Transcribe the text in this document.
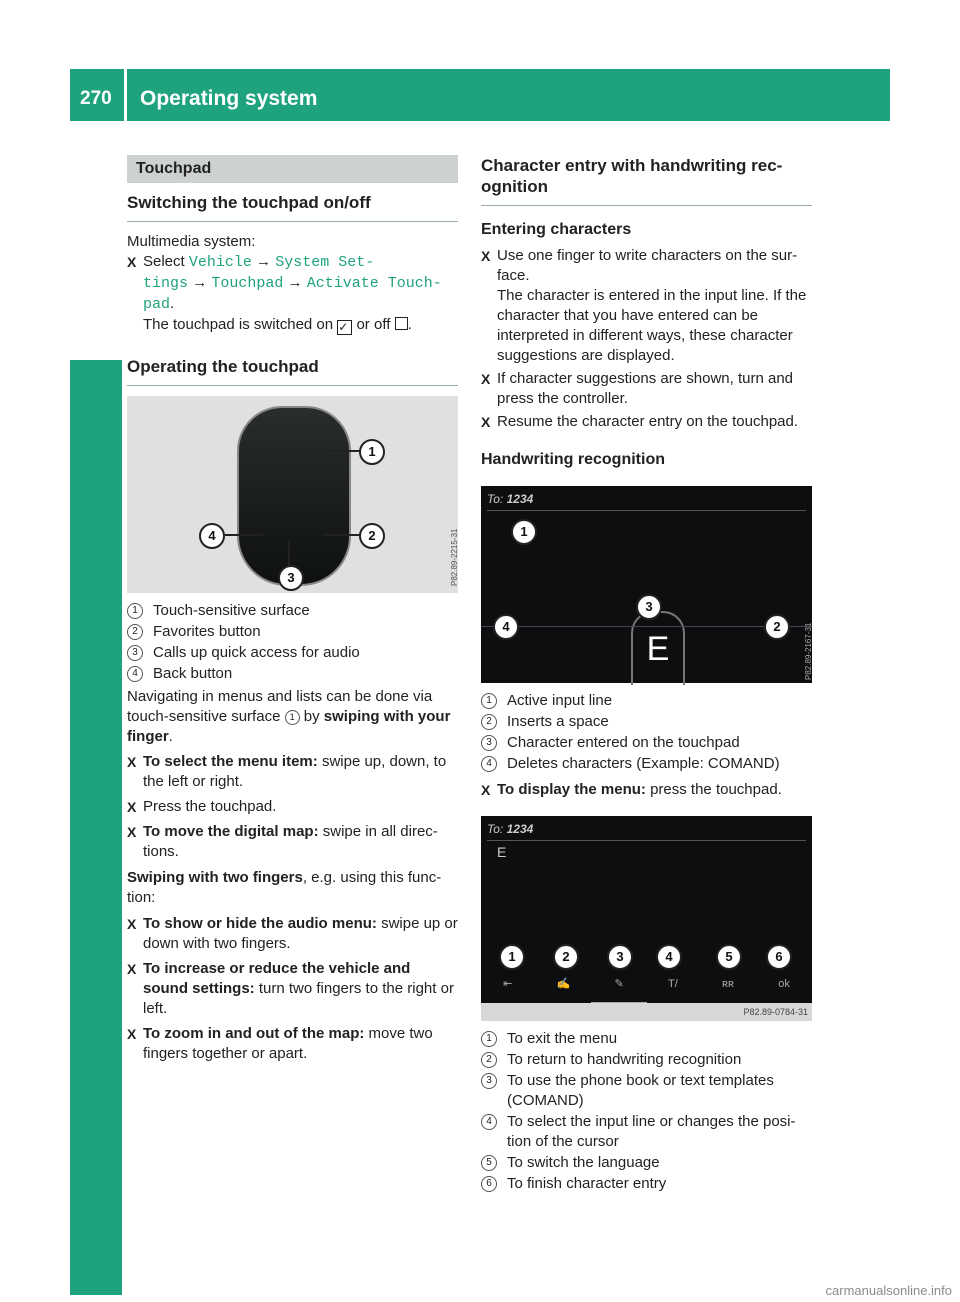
270 Operating system
Multimedia system
Touchpad
Switching the touchpad on/off
Multimedia system:
X Select Vehicle → System Set-
tings → Touchpad → Activate Touch-
pad.
The touchpad is switched on ✓ or off .
Operating the touchpad
1
2
3
4	P82.89-2215-31
1	Touch-sensitive surface
2	Favorites button
3	Calls up quick access for audio
4	Back button
Navigating in menus and lists can be done via touch-sensitive surface 1 by swiping with your finger.
X To select the menu item: swipe up, down, to the left or right.
X Press the touchpad.
X To move the digital map: swipe in all direc- tions.
Swiping with two fingers, e.g. using this func- tion:
X To show or hide the audio menu: swipe up or down with two fingers.
X To increase or reduce the vehicle and sound settings: turn two fingers to the right or left.
X To zoom in and out of the map: move two fingers together or apart.
Character entry with handwriting rec- ognition
Entering characters
X Use one finger to write characters on the sur- face.
The character is entered in the input line. If the character that you have entered can be interpreted in different ways, these character suggestions are displayed.
X If character suggestions are shown, turn and press the controller.
X Resume the character entry on the touchpad.
Handwriting recognition
To: 1234
E
1
3
4	2	P82.89-2167-31
1	Active input line
2	Inserts a space
3	Character entered on the touchpad
4	Deletes characters (Example: COMAND)
X To display the menu: press the touchpad.
To: 1234
E
1	2	3	4	5	6
⇤	✍	✎	T/	ʀʀ	ok
P82.89-0784-31
1	To exit the menu
2	To return to handwriting recognition
3	To use the phone book or text templates (COMAND)
4	To select the input line or changes the posi- tion of the cursor
5	To switch the language
6	To finish character entry
carmanualsonline.info
